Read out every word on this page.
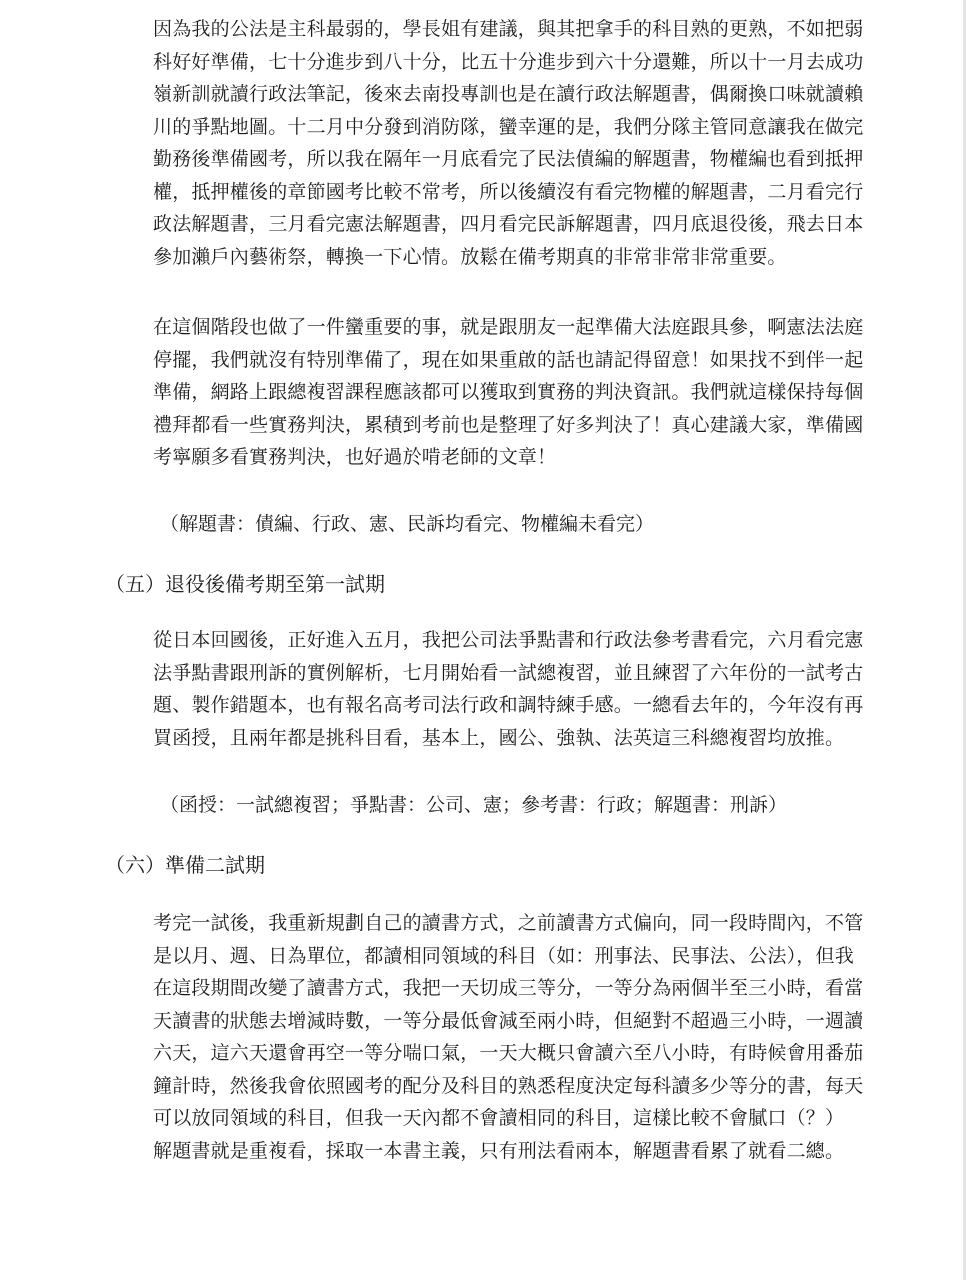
因為我的公法是主科最弱的，學長姐有建議，與其把拿手的科目熟的更熟，不如把弱
科好好準備，七十分進步到八十分，比五十分進步到六十分還難，所以十一月去成功
嶺新訓就讀行政法筆記，後來去南投專訓也是在讀行政法解題書，偶爾換口味就讀賴
川的爭點地圖。十二月中分發到消防隊，蠻幸運的是，我們分隊主管同意讓我在做完
勤務後準備國考，所以我在隔年一月底看完了民法債編的解題書，物權編也看到抵押
權，抵押權後的章節國考比較不常考，所以後續沒有看完物權的解題書，二月看完行
政法解題書，三月看完憲法解題書，四月看完民訴解題書，四月底退役後，飛去日本
參加瀨戶內藝術祭，轉換一下心情。放鬆在備考期真的非常非常非常重要。
在這個階段也做了一件蠻重要的事，就是跟朋友一起準備大法庭跟具參，啊憲法法庭
停擺，我們就沒有特別準備了，現在如果重啟的話也請記得留意！如果找不到伴一起
準備，網路上跟總複習課程應該都可以獲取到實務的判決資訊。我們就這樣保持每個
禮拜都看一些實務判決，累積到考前也是整理了好多判決了！真心建議大家，準備國
考寧願多看實務判決，也好過於啃老師的文章！

（解題書：債編、行政、憲、民訴均看完、物權編未看完）

（五）退役後備考期至第一試期
從日本回國後，正好進入五月，我把公司法爭點書和行政法參考書看完，六月看完憲
法爭點書跟刑訴的實例解析，七月開始看一試總複習，並且練習了六年份的一試考古
題、製作錯題本，也有報名高考司法行政和調特練手感。一總看去年的，今年沒有再
買函授，且兩年都是挑科目看，基本上，國公、強執、法英這三科總複習均放推。

（函授：一試總複習；爭點書：公司、憲；參考書：行政；解題書：刑訴）

（六）準備二試期
考完一試後，我重新規劃自己的讀書方式，之前讀書方式偏向，同一段時間內，不管
是以月、週、日為單位，都讀相同領域的科目（如：刑事法、民事法、公法），但我
在這段期間改變了讀書方式，我把一天切成三等分，一等分為兩個半至三小時，看當
天讀書的狀態去增減時數，一等分最低會減至兩小時，但絕對不超過三小時，一週讀
六天，這六天還會再空一等分喘口氣，一天大概只會讀六至八小時，有時候會用番茄
鐘計時，然後我會依照國考的配分及科目的熟悉程度決定每科讀多少等分的書，每天
可以放同領域的科目，但我一天內都不會讀相同的科目，這樣比較不會膩口（？）
解題書就是重複看，採取一本書主義，只有刑法看兩本，解題書看累了就看二總。
